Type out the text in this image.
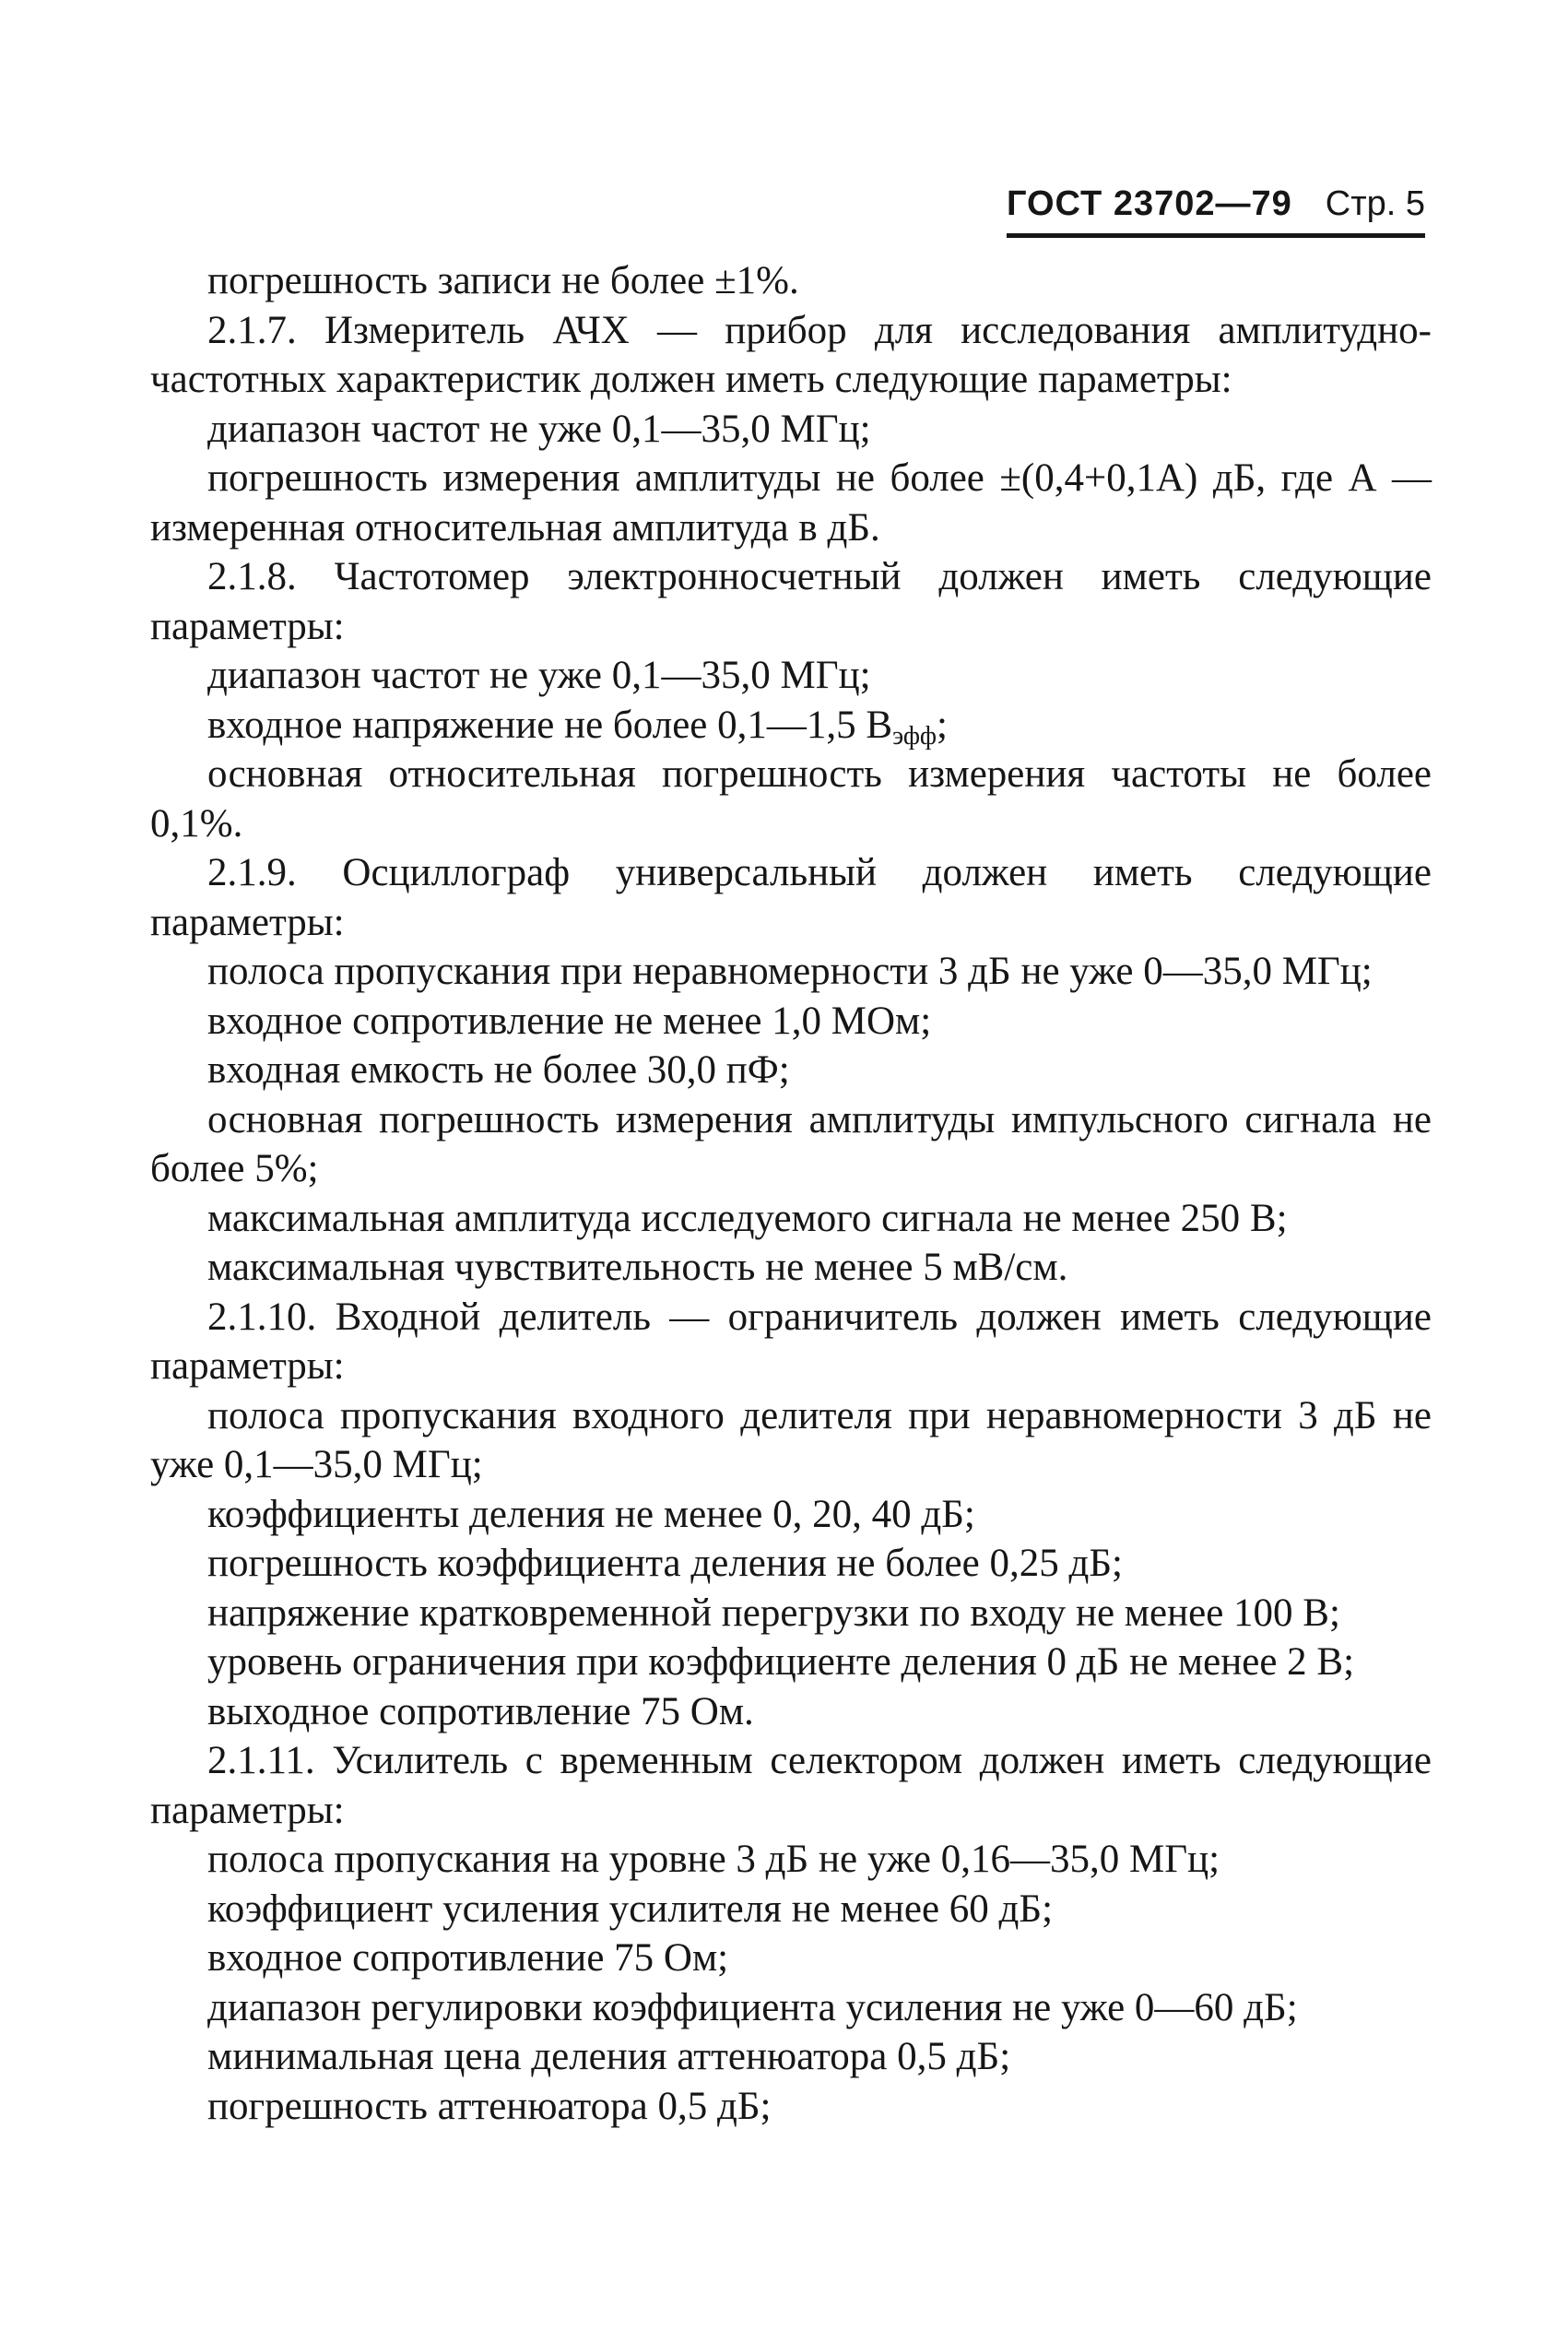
ГОСТ 23702—79 Стр. 5

погрешность записи не более ±1%.

2.1.7. Измеритель АЧХ — прибор для исследования амплитудно-частотных характеристик должен иметь следующие параметры:

диапазон частот не уже 0,1—35,0 МГц;

погрешность измерения амплитуды не более ±(0,4+0,1А) дБ, где А — измеренная относительная амплитуда в дБ.

2.1.8. Частотомер электронносчетный должен иметь следующие параметры:

диапазон частот не уже 0,1—35,0 МГц;

входное напряжение не более 0,1—1,5 $В_{эфф}$;

основная относительная погрешность измерения частоты не более 0,1%.

2.1.9. Осциллограф универсальный должен иметь следующие параметры:

полоса пропускания при неравномерности 3 дБ не уже 0—35,0 МГц;

входное сопротивление не менее 1,0 МОм;

входная емкость не более 30,0 пФ;

основная погрешность измерения амплитуды импульсного сигнала не более 5%;

максимальная амплитуда исследуемого сигнала не менее 250 В;

максимальная чувствительность не менее 5 мВ/см.

2.1.10. Входной делитель — ограничитель должен иметь следующие параметры:

полоса пропускания входного делителя при неравномерности 3 дБ не уже 0,1—35,0 МГц;

коэффициенты деления не менее 0, 20, 40 дБ;

погрешность коэффициента деления не более 0,25 дБ;

напряжение кратковременной перегрузки по входу не менее 100 В;

уровень ограничения при коэффициенте деления 0 дБ не менее 2 В;

выходное сопротивление 75 Ом.

2.1.11. Усилитель с временным селектором должен иметь следующие параметры:

полоса пропускания на уровне 3 дБ не уже 0,16—35,0 МГц;

коэффициент усиления усилителя не менее 60 дБ;

входное сопротивление 75 Ом;

диапазон регулировки коэффициента усиления не уже 0—60 дБ;

минимальная цена деления аттенюатора 0,5 дБ;

погрешность аттенюатора 0,5 дБ;
